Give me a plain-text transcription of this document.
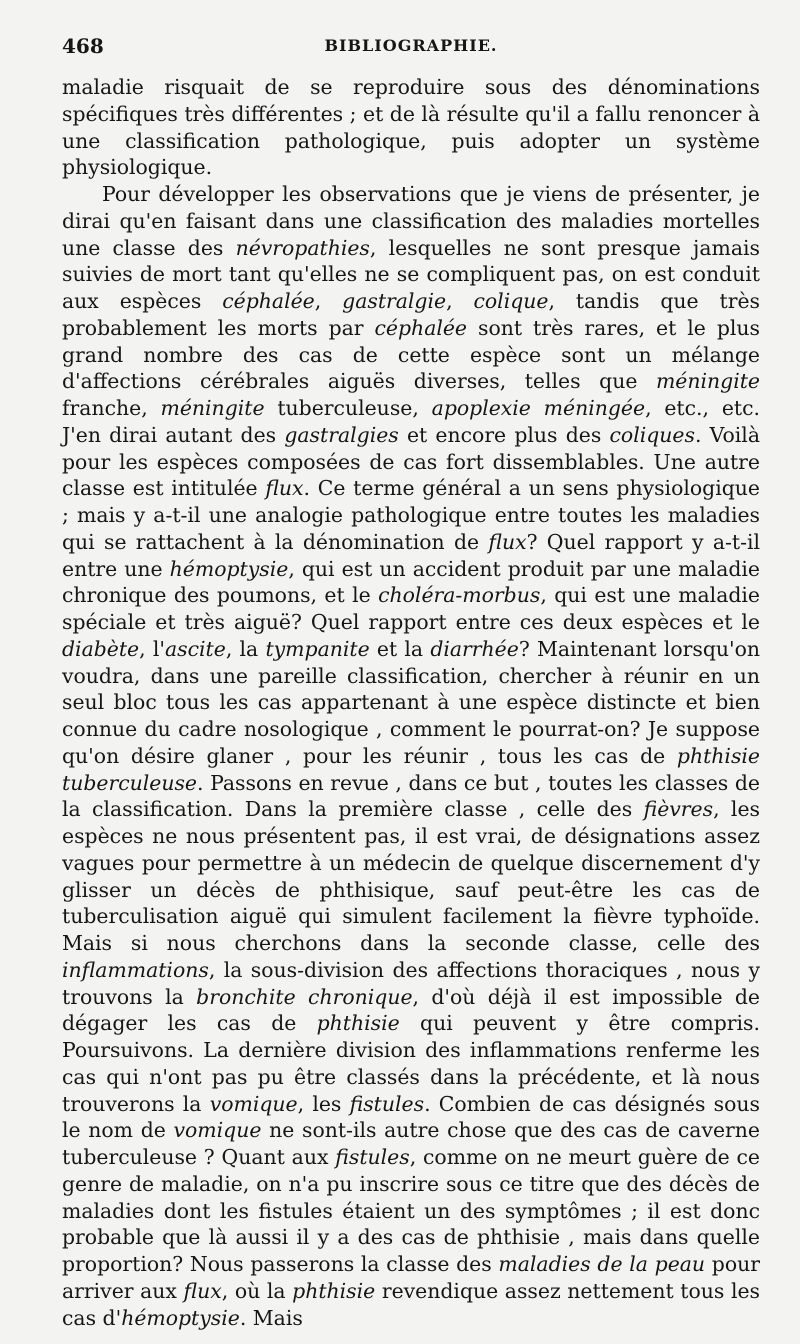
468	BIBLIOGRAPHIE.

maladie risquait de se reproduire sous des dénominations spécifiques très différentes ; et de là résulte qu'il a fallu renoncer à une classification pathologique, puis adopter un système physiologique.

Pour développer les observations que je viens de présenter, je dirai qu'en faisant dans une classification des maladies mortelles une classe des névropathies, lesquelles ne sont presque jamais suivies de mort tant qu'elles ne se compliquent pas, on est conduit aux espèces céphalée, gastralgie, colique, tandis que très probablement les morts par céphalée sont très rares, et le plus grand nombre des cas de cette espèce sont un mélange d'affections cérébrales aiguës diverses, telles que méningite franche, méningite tuberculeuse, apoplexie méningée, etc., etc. J'en dirai autant des gastralgies et encore plus des coliques. Voilà pour les espèces composées de cas fort dissemblables. Une autre classe est intitulée flux. Ce terme général a un sens physiologique ; mais y a-t-il une analogie pathologique entre toutes les maladies qui se rattachent à la dénomination de flux? Quel rapport y a-t-il entre une hémoptysie, qui est un accident produit par une maladie chronique des poumons, et le choléra-morbus, qui est une maladie spéciale et très aiguë? Quel rapport entre ces deux espèces et le diabète, l'ascite, la tympanite et la diarrhée? Maintenant lorsqu'on voudra, dans une pareille classification, chercher à réunir en un seul bloc tous les cas appartenant à une espèce distincte et bien connue du cadre nosologique , comment le pourrat-on? Je suppose qu'on désire glaner , pour les réunir , tous les cas de phthisie tuberculeuse. Passons en revue , dans ce but , toutes les classes de la classification. Dans la première classe , celle des fièvres, les espèces ne nous présentent pas, il est vrai, de désignations assez vagues pour permettre à un médecin de quelque discernement d'y glisser un décès de phthisique, sauf peut-être les cas de tuberculisation aiguë qui simulent facilement la fièvre typhoïde. Mais si nous cherchons dans la seconde classe, celle des inflammations, la sous-division des affections thoraciques , nous y trouvons la bronchite chronique, d'où déjà il est impossible de dégager les cas de phthisie qui peuvent y être compris. Poursuivons. La dernière division des inflammations renferme les cas qui n'ont pas pu être classés dans la précédente, et là nous trouverons la vomique, les fistules. Combien de cas désignés sous le nom de vomique ne sont-ils autre chose que des cas de caverne tuberculeuse ? Quant aux fistules, comme on ne meurt guère de ce genre de maladie, on n'a pu inscrire sous ce titre que des décès de maladies dont les fistules étaient un des symptômes ; il est donc probable que là aussi il y a des cas de phthisie , mais dans quelle proportion? Nous passerons la classe des maladies de la peau pour arriver aux flux, où la phthisie revendique assez nettement tous les cas d'hémoptysie. Mais
